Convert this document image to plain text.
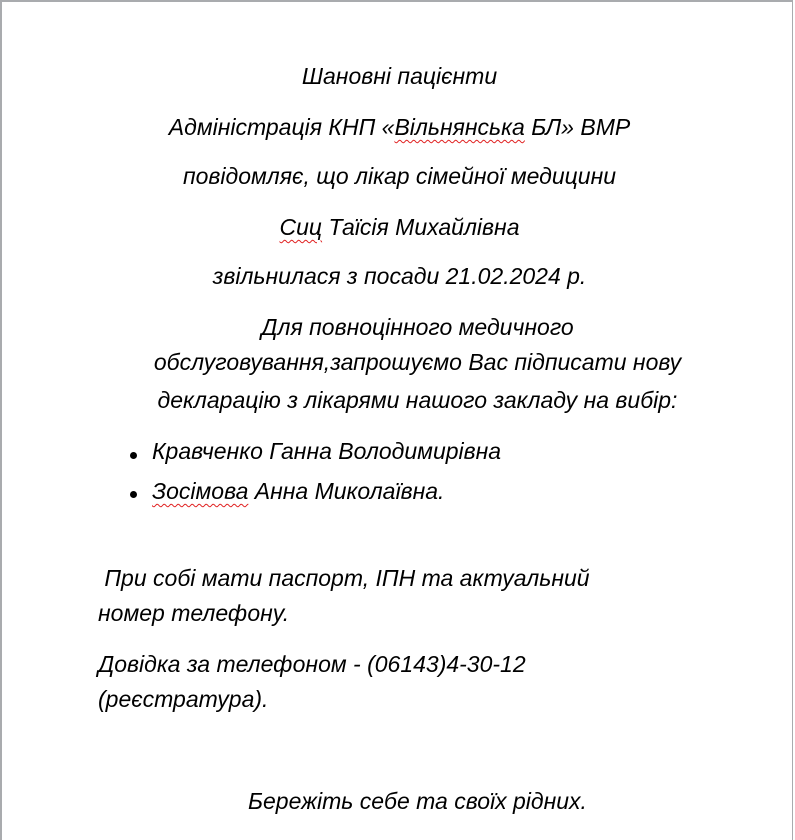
Шановні пацієнти
Адміністрація КНП «Вільнянська БЛ» ВМР
повідомляє, що лікар сімейної медицини
Сиц Таїсія Михайлівна
звільнилася з посади 21.02.2024 р.
Для повноцінного медичного
обслуговування,запрошуємо Вас підписати нову
декларацію з лікарями нашого закладу на вибір:
Кравченко Ганна Володимирівна
Зосімова Анна Миколаївна.
При собі мати паспорт, ІПН та актуальний
номер телефону.
Довідка за телефоном - (06143)4-30-12
(реєстратура).
Бережіть себе та своїх рідних.
